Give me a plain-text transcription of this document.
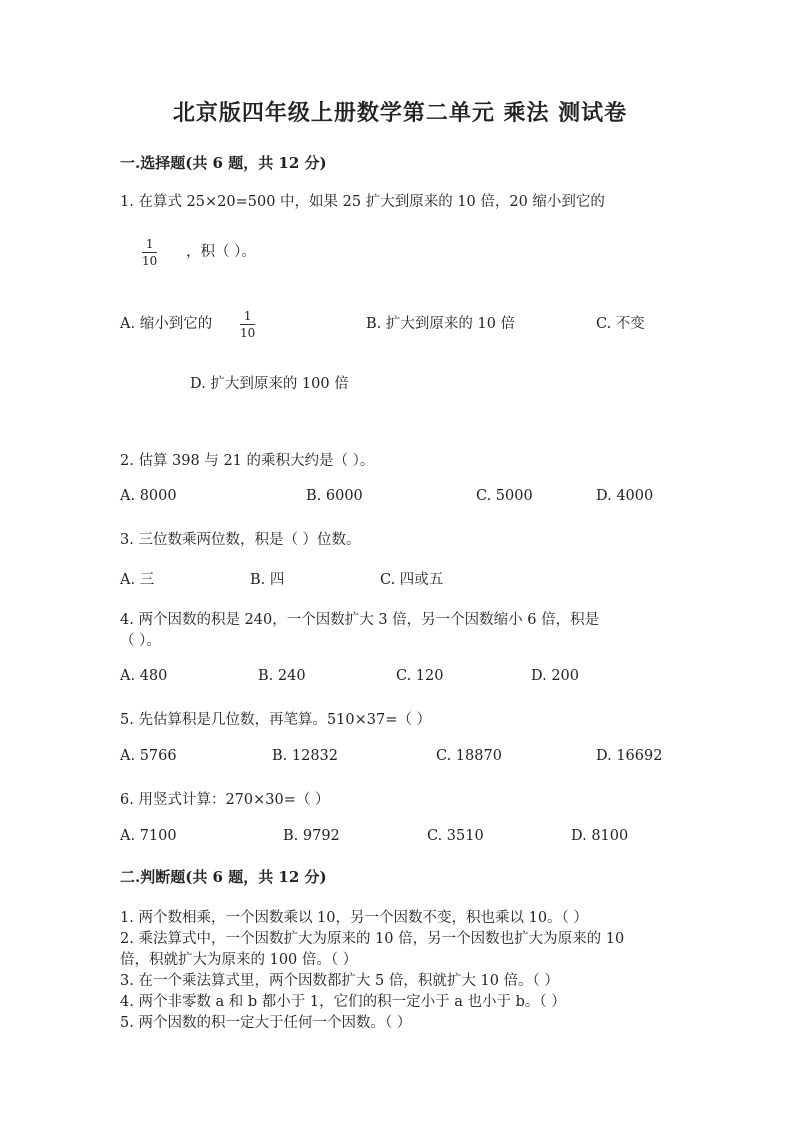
北京版四年级上册数学第二单元 乘法 测试卷
一.选择题(共 6 题，共 12 分)
1. 在算式 25×20=500 中，如果 25 扩大到原来的 10 倍，20 缩小到它的
$\frac{1}{10}$ ，积（ ）。
A. 缩小到它的 $\frac{1}{10}$	B. 扩大到原来的 10 倍	C. 不变
D. 扩大到原来的 100 倍
2. 估算 398 与 21 的乘积大约是（ ）。
A. 8000	B. 6000	C. 5000	D. 4000
3. 三位数乘两位数，积是（ ）位数。
A. 三	B. 四	C. 四或五
4. 两个因数的积是 240，一个因数扩大 3 倍，另一个因数缩小 6 倍，积是
（ ）。
A. 480	B. 240	C. 120	D. 200
5. 先估算积是几位数，再笔算。510×37=（ ）
A. 5766	B. 12832	C. 18870	D. 16692
6. 用竖式计算：270×30=（ ）
A. 7100	B. 9792	C. 3510	D. 8100
二.判断题(共 6 题，共 12 分)
1. 两个数相乘，一个因数乘以 10，另一个因数不变，积也乘以 10。（ ）
2. 乘法算式中，一个因数扩大为原来的 10 倍，另一个因数也扩大为原来的 10
倍，积就扩大为原来的 100 倍。（ ）
3. 在一个乘法算式里，两个因数都扩大 5 倍，积就扩大 10 倍。（ ）
4. 两个非零数 a 和 b 都小于 1，它们的积一定小于 a 也小于 b。（ ）
5. 两个因数的积一定大于任何一个因数。（ ）
